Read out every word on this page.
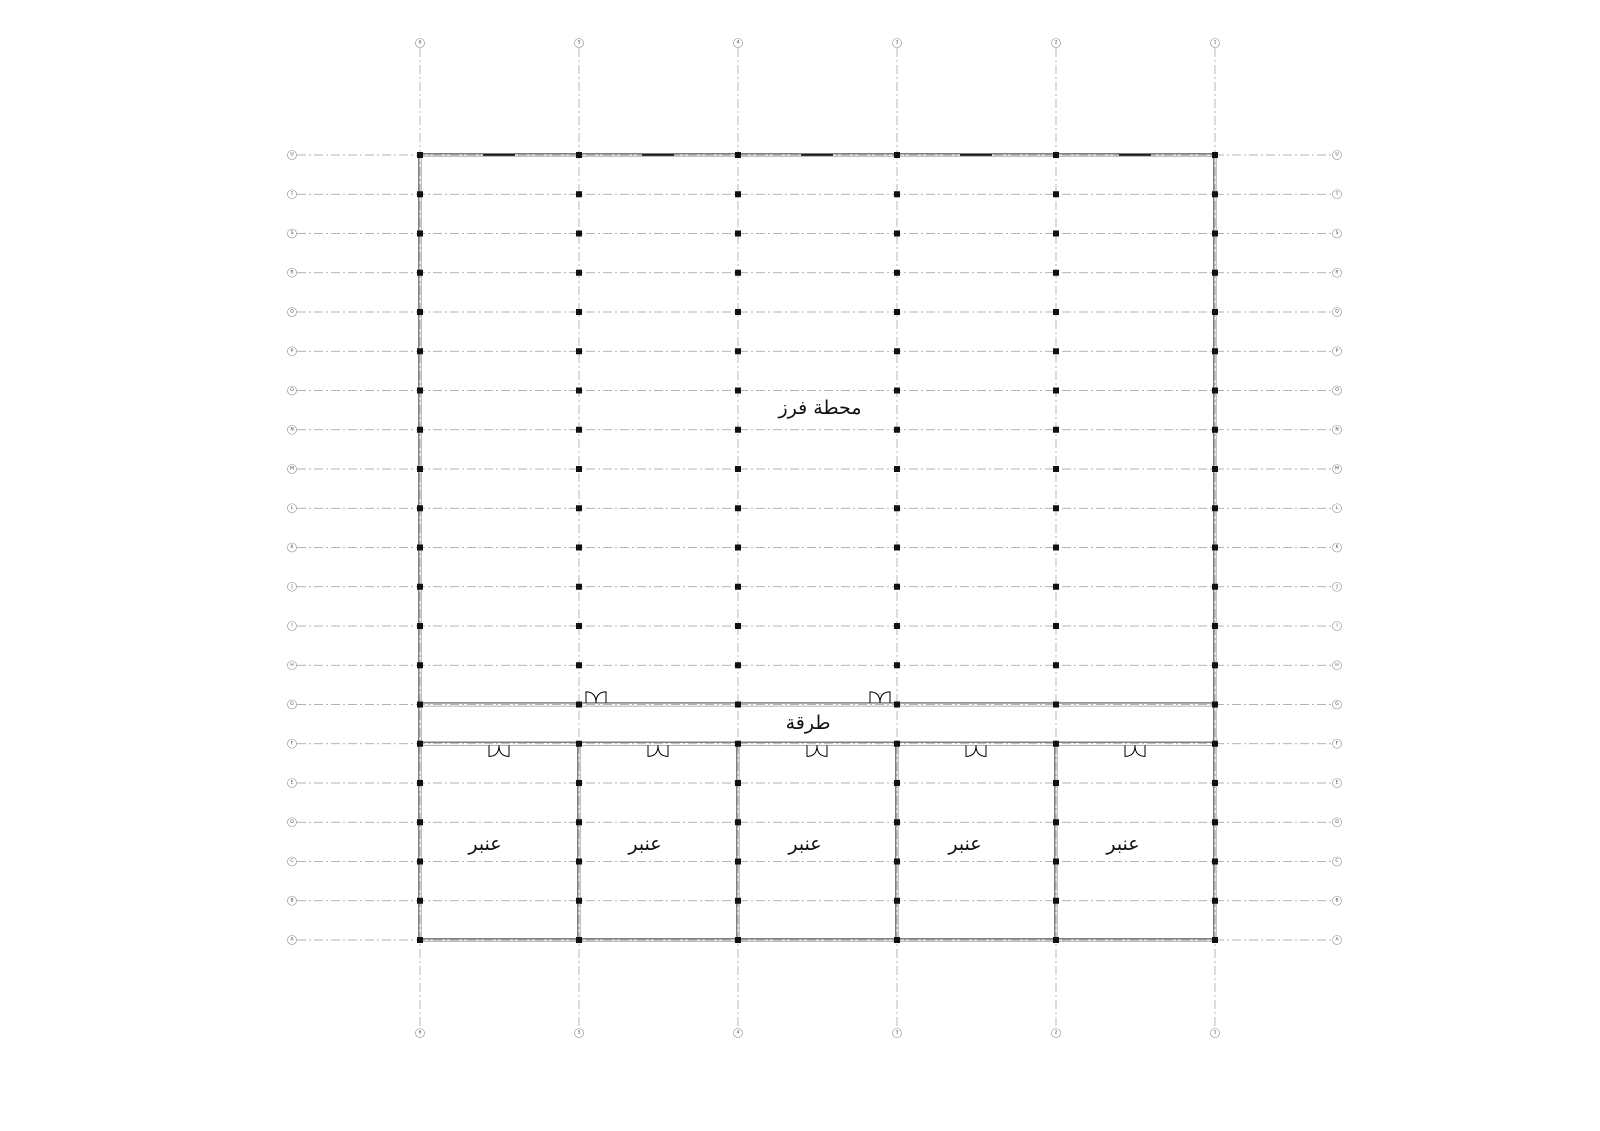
6
6
5
5
4
4
3
3
2
2
1
1
U	U
T	T
S	S
R	R
Q	Q
P	P
O	O
N	N
M	M
L	L
K	K
J	J
I	I
H	H
G	G
F	F
E	E
D	D
C	C
B	B
A	A
محطة فرز
طرقة
عنبر	عنبر	عنبر	عنبر	عنبر
